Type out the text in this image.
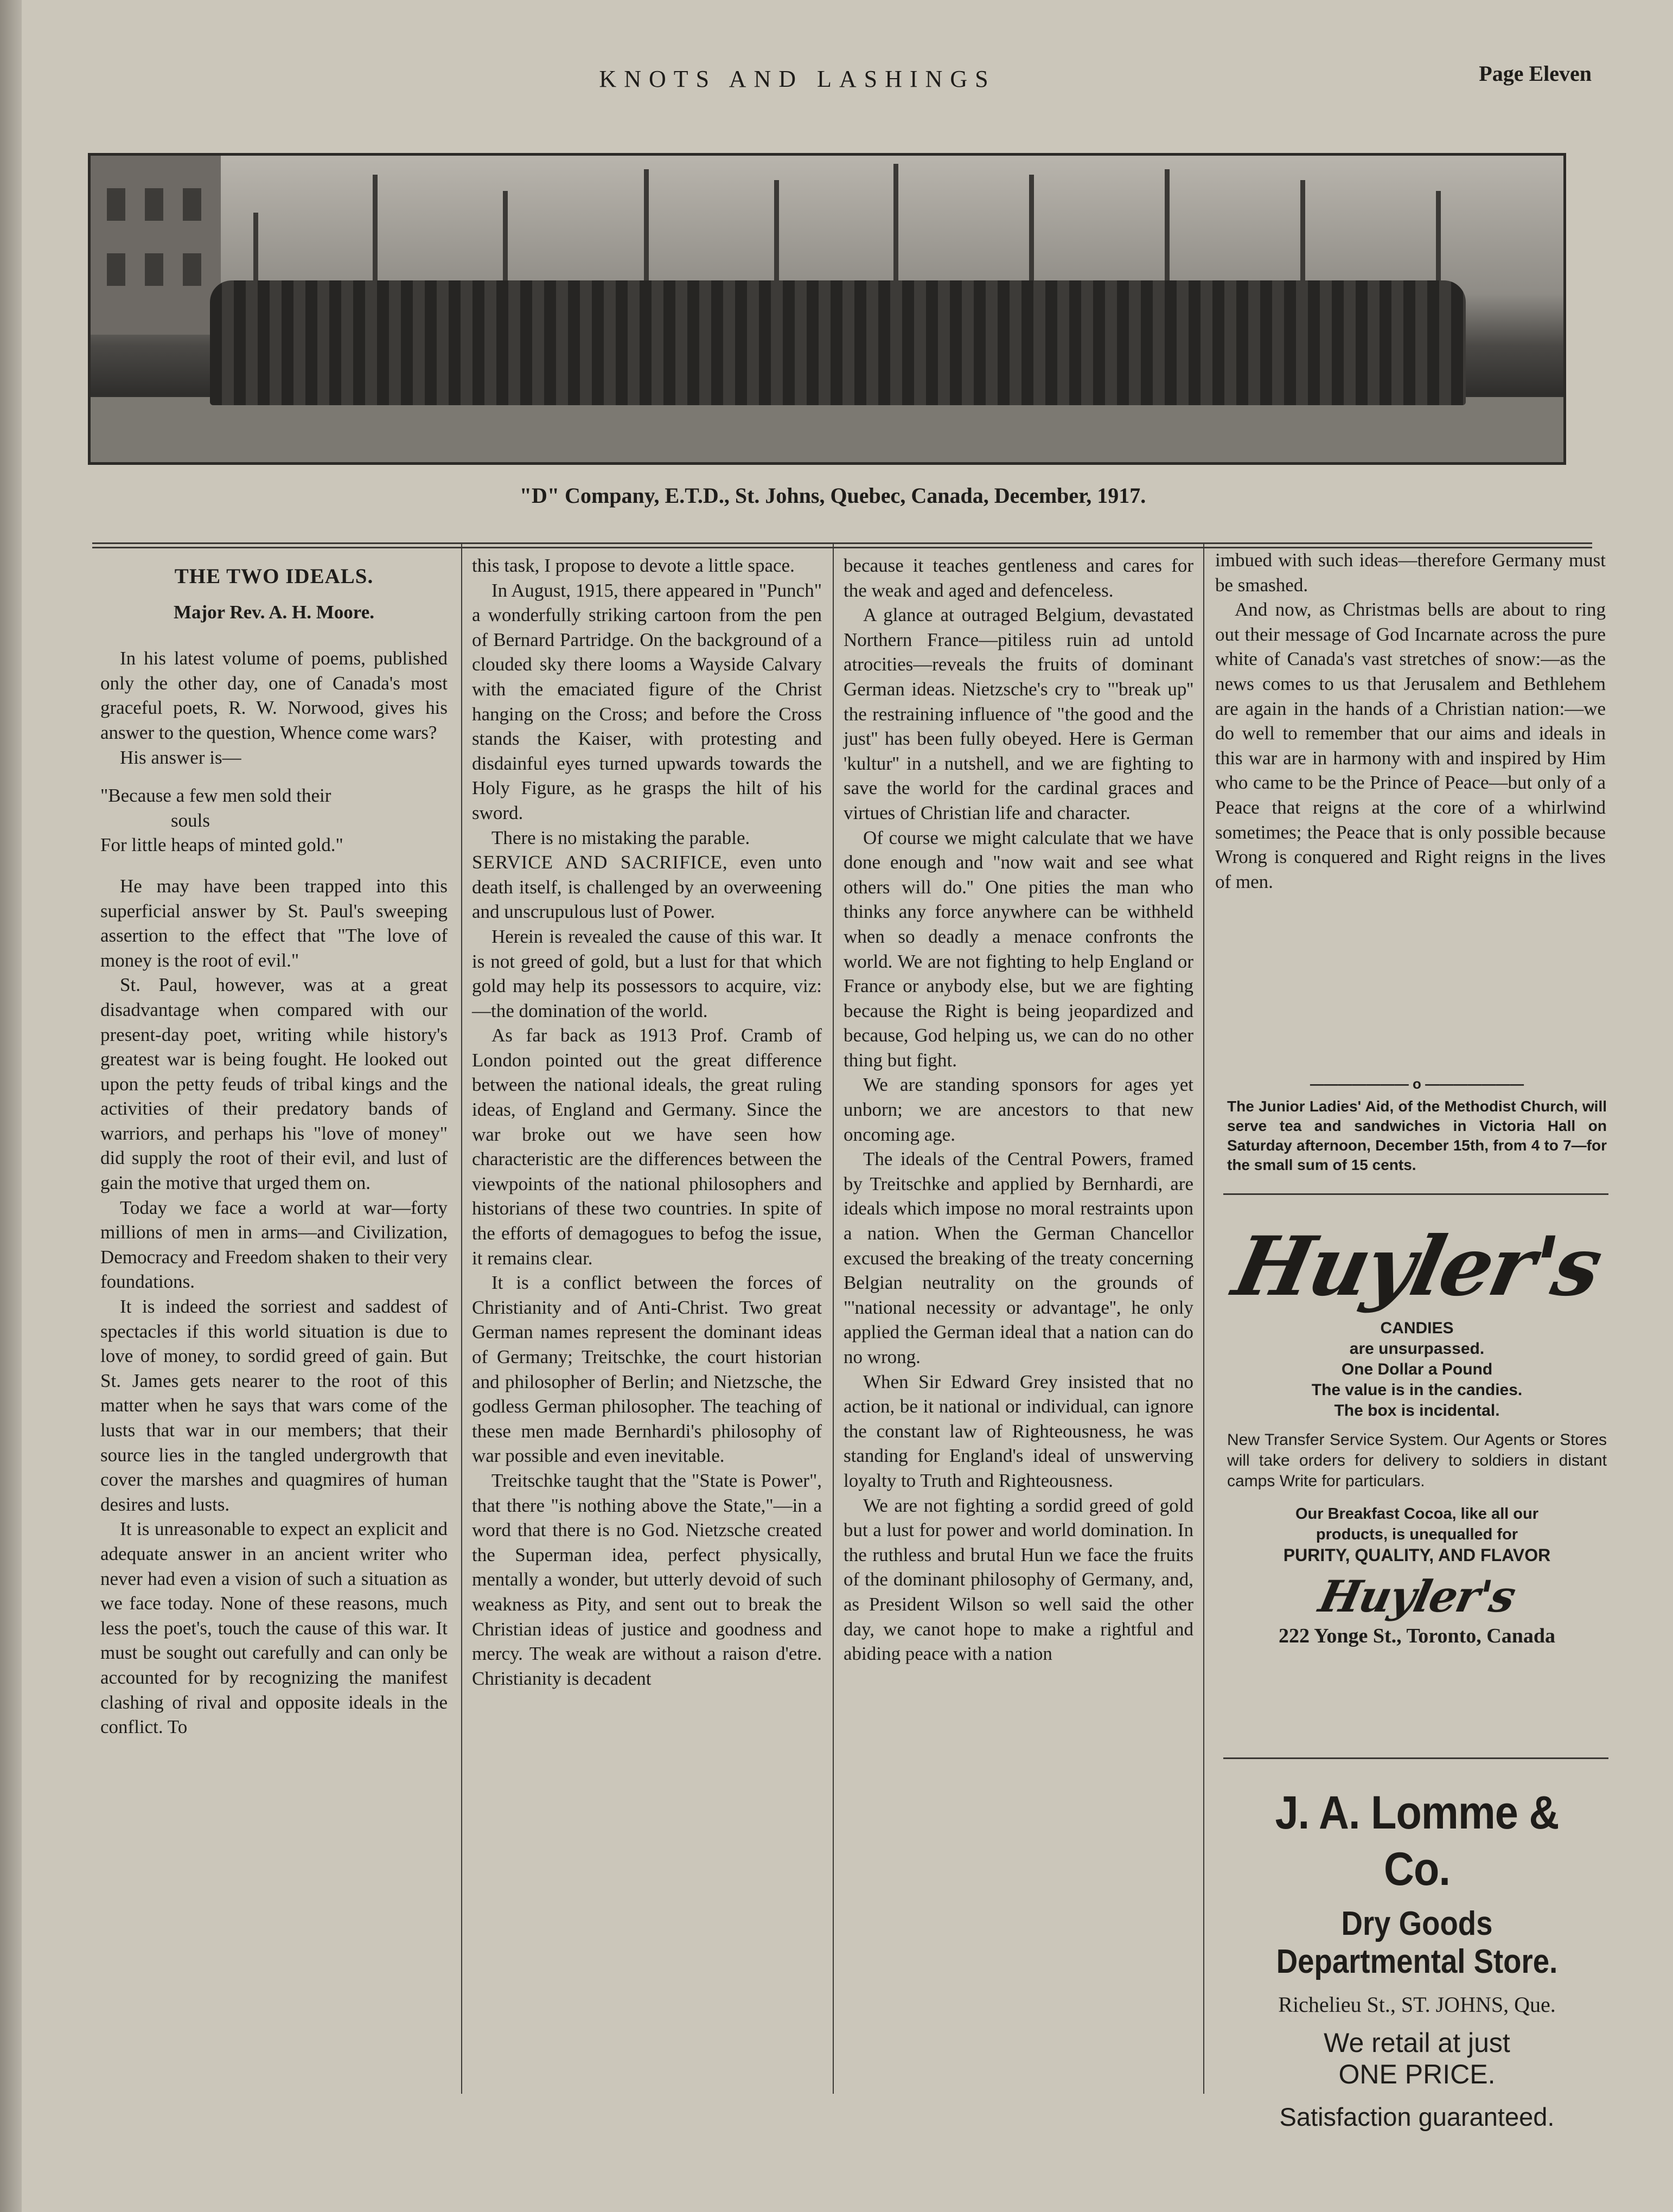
KNOTS AND LASHINGS	Page Eleven
"D" Company, E.T.D., St. Johns, Quebec, Canada, December, 1917.
THE TWO IDEALS.
Major Rev. A. H. Moore.

In his latest volume of poems, published only the other day, one of Canada's most graceful poets, R. W. Norwood, gives his answer to the question, Whence come wars?

His answer is—

"Because a few men sold their
souls
For little heaps of minted gold."

He may have been trapped into this superficial answer by St. Paul's sweeping assertion to the effect that "The love of money is the root of evil."

St. Paul, however, was at a great disadvantage when compared with our present-day poet, writing while history's greatest war is being fought. He looked out upon the petty feuds of tribal kings and the activities of their predatory bands of warriors, and perhaps his "love of money" did supply the root of their evil, and lust of gain the motive that urged them on.

Today we face a world at war—forty millions of men in arms—and Civilization, Democracy and Freedom shaken to their very foundations.

It is indeed the sorriest and saddest of spectacles if this world situation is due to love of money, to sordid greed of gain. But St. James gets nearer to the root of this matter when he says that wars come of the lusts that war in our members; that their source lies in the tangled undergrowth that cover the marshes and quagmires of human desires and lusts.

It is unreasonable to expect an explicit and adequate answer in an ancient writer who never had even a vision of such a situation as we face today. None of these reasons, much less the poet's, touch the cause of this war. It must be sought out carefully and can only be accounted for by recognizing the manifest clashing of rival and opposite ideals in the conflict. To

this task, I propose to devote a little space.

In August, 1915, there appeared in "Punch" a wonderfully striking cartoon from the pen of Bernard Partridge. On the background of a clouded sky there looms a Wayside Calvary with the emaciated figure of the Christ hanging on the Cross; and before the Cross stands the Kaiser, with protesting and disdainful eyes turned upwards towards the Holy Figure, as he grasps the hilt of his sword.

There is no mistaking the parable.

SERVICE AND SACRIFICE, even unto death itself, is challenged by an overweening and unscrupulous lust of Power.

Herein is revealed the cause of this war. It is not greed of gold, but a lust for that which gold may help its possessors to acquire, viz:—the domination of the world.

As far back as 1913 Prof. Cramb of London pointed out the great difference between the national ideals, the great ruling ideas, of England and Germany. Since the war broke out we have seen how characteristic are the differences between the viewpoints of the national philosophers and historians of these two countries. In spite of the efforts of demagogues to befog the issue, it remains clear.

It is a conflict between the forces of Christianity and of Anti-Christ. Two great German names represent the dominant ideas of Germany; Treitschke, the court historian and philosopher of Berlin; and Nietzsche, the godless German philosopher. The teaching of these men made Bernhardi's philosophy of war possible and even inevitable.

Treitschke taught that the "State is Power", that there "is nothing above the State,"—in a word that there is no God. Nietzsche created the Superman idea, perfect physically, mentally a wonder, but utterly devoid of such weakness as Pity, and sent out to break the Christian ideas of justice and goodness and mercy. The weak are without a raison d'etre. Christianity is decadent

because it teaches gentleness and cares for the weak and aged and defenceless.

A glance at outraged Belgium, devastated Northern France—pitiless ruin ad untold atrocities—reveals the fruits of dominant German ideas. Nietzsche's cry to "'break up'' the restraining influence of "the good and the just'' has been fully obeyed. Here is German 'kultur'' in a nutshell, and we are fighting to save the world for the cardinal graces and virtues of Christian life and character.

Of course we might calculate that we have done enough and "now wait and see what others will do.'' One pities the man who thinks any force anywhere can be withheld when so deadly a menace confronts the world. We are not fighting to help England or France or anybody else, but we are fighting because the Right is being jeopardized and because, God helping us, we can do no other thing but fight.

We are standing sponsors for ages yet unborn; we are ancestors to that new oncoming age.

The ideals of the Central Powers, framed by Treitschke and applied by Bernhardi, are ideals which impose no moral restraints upon a nation. When the German Chancellor excused the breaking of the treaty concerning Belgian neutrality on the grounds of "'national necessity or advantage'', he only applied the German ideal that a nation can do no wrong.

When Sir Edward Grey insisted that no action, be it national or individual, can ignore the constant law of Righteousness, he was standing for England's ideal of unswerving loyalty to Truth and Righteousness.

We are not fighting a sordid greed of gold but a lust for power and world domination. In the ruthless and brutal Hun we face the fruits of the dominant philosophy of Germany, and, as President Wilson so well said the other day, we canot hope to make a rightful and abiding peace with a nation

imbued with such ideas—therefore Germany must be smashed.

And now, as Christmas bells are about to ring out their message of God Incarnate across the pure white of Canada's vast stretches of snow:—as the news comes to us that Jerusalem and Bethlehem are again in the hands of a Christian nation:—we do well to remember that our aims and ideals in this war are in harmony with and inspired by Him who came to be the Prince of Peace—but only of a Peace that reigns at the core of a whirlwind sometimes; the Peace that is only possible because Wrong is conquered and Right reigns in the lives of men.

——————— o ———————
The Junior Ladies' Aid, of the Methodist Church, will serve tea and sandwiches in Victoria Hall on Saturday afternoon, December 15th, from 4 to 7—for the small sum of 15 cents.
Huyler's
CANDIES
are unsurpassed.
One Dollar a Pound
The value is in the candies.
The box is incidental.
New Transfer Service System. Our Agents or Stores will take orders for delivery to soldiers in distant camps Write for particulars.
Our Breakfast Cocoa, like all our
products, is unequalled for
PURITY, QUALITY, AND FLAVOR
Huyler's
222 Yonge St., Toronto, Canada
J. A. Lomme & Co.
Dry Goods
Departmental Store.
Richelieu St., ST. JOHNS, Que.
We retail at just
ONE PRICE.
Satisfaction guaranteed.
